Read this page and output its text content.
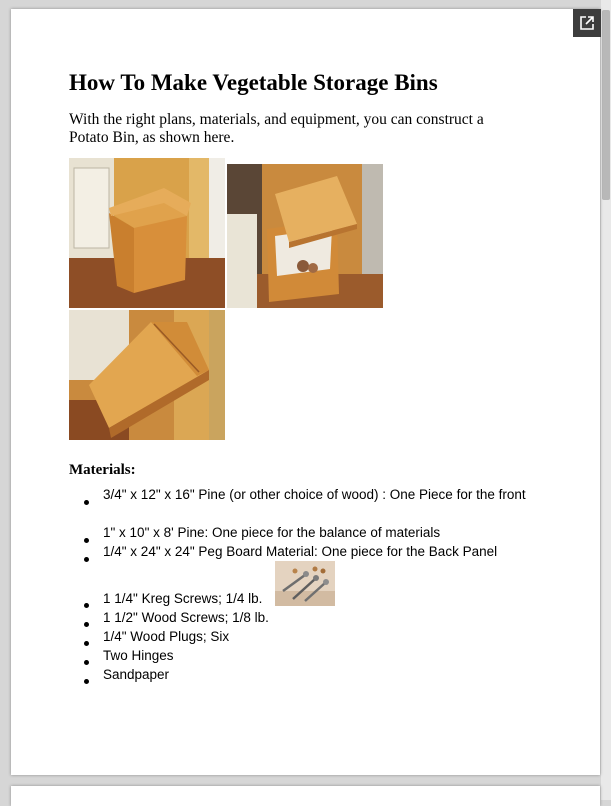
How To Make Vegetable Storage Bins

With the right plans, materials, and equipment, you can construct a Potato Bin, as shown here.

Materials:
3/4" x 12" x 16" Pine (or other choice of wood) : One Piece for the front
1" x 10" x 8' Pine: One piece for the balance of materials
1/4" x 24" x 24" Peg Board Material: One piece for the Back Panel
1 1/4" Kreg Screws; 1/4 lb.
1 1/2" Wood Screws; 1/8 lb.
1/4" Wood Plugs; Six
Two Hinges
Sandpaper
